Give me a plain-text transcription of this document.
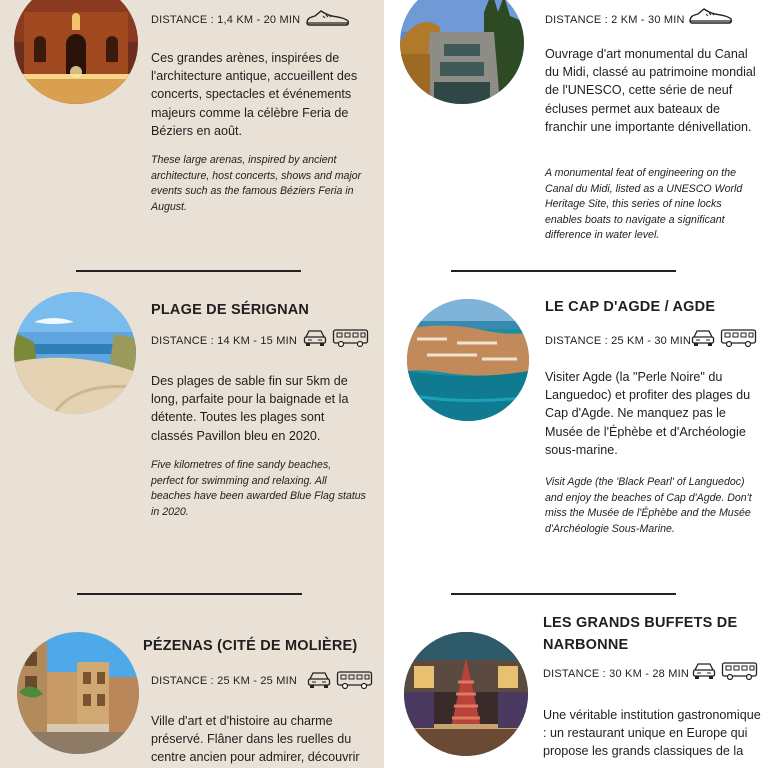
DISTANCE : 1,4 KM - 20 MIN
Ces grandes arènes, inspirées de l'architecture antique, accueillent des concerts, spectacles et événements majeurs comme la célèbre Feria de Béziers en août.
These large arenas, inspired by ancient architecture, host concerts, shows and major events such as the famous Béziers Feria in August.
DISTANCE : 2 KM - 30 MIN
Ouvrage d'art monumental du Canal du Midi, classé au patrimoine mondial de l'UNESCO, cette série de neuf écluses permet aux bateaux de franchir une importante dénivellation.
A monumental feat of engineering on the Canal du Midi, listed as a UNESCO World Heritage Site, this series of nine locks enables boats to navigate a significant difference in water level.
PLAGE DE SÉRIGNAN
DISTANCE : 14 KM - 15 MIN
Des plages de sable fin sur 5km de long, parfaite pour la baignade et la détente. Toutes les plages sont classés Pavillon bleu en 2020.
Five kilometres of fine sandy beaches, perfect for swimming and relaxing. All beaches have been awarded Blue Flag status in 2020.
LE CAP D'AGDE / AGDE
DISTANCE : 25 KM - 30 MIN
Visiter Agde (la "Perle Noire" du Languedoc) et profiter des plages du Cap d'Agde. Ne manquez pas le Musée de l'Éphèbe et d'Archéologie sous-marine.
Visit Agde (the 'Black Pearl' of Languedoc) and enjoy the beaches of Cap d'Agde. Don't miss the Musée de l'Éphèbe and the Musée d'Archéologie Sous-Marine.
PÉZENAS (CITÉ DE MOLIÈRE)
DISTANCE : 25 KM - 25 MIN
Ville d'art et d'histoire au charme préservé. Flâner dans les ruelles du centre ancien pour admirer, découvrir
LES GRANDS BUFFETS DE NARBONNE
DISTANCE : 30 KM - 28 MIN
Une véritable institution gastronomique : un restaurant unique en Europe qui propose les grands classiques de la
